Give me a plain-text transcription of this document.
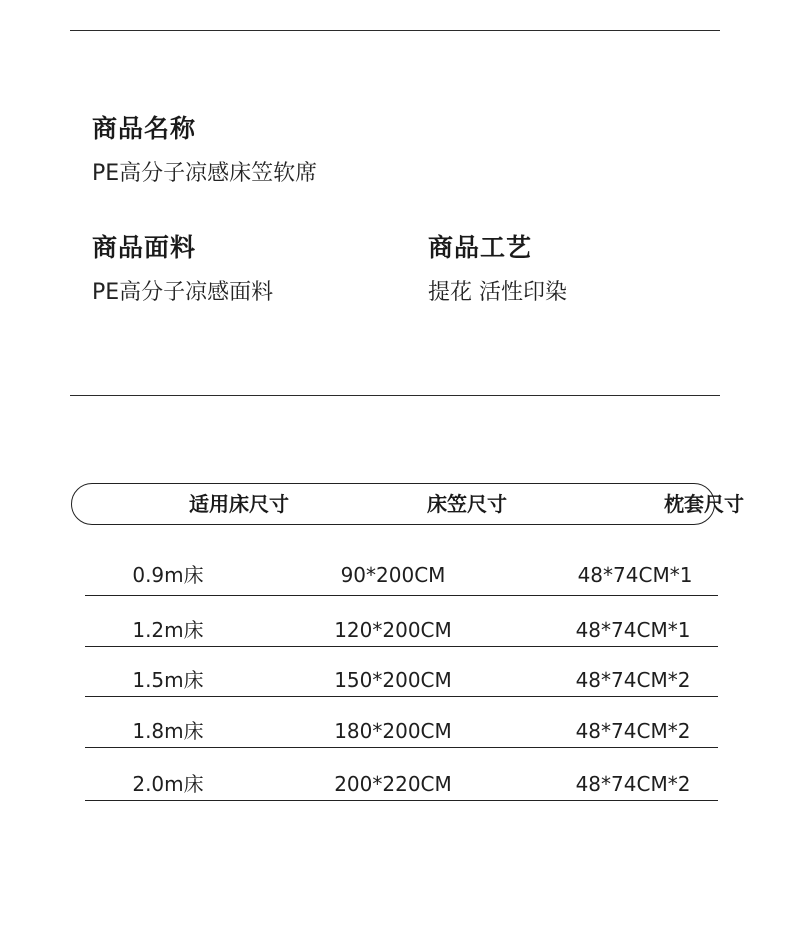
商品名称
PE高分子凉感床笠软席
商品面料
PE高分子凉感面料
商品工艺
提花 活性印染
适用床尺寸	床笠尺寸	枕套尺寸
0.9m床	90*200CM	48*74CM*1
1.2m床	120*200CM	48*74CM*1
1.5m床	150*200CM	48*74CM*2
1.8m床	180*200CM	48*74CM*2
2.0m床	200*220CM	48*74CM*2
